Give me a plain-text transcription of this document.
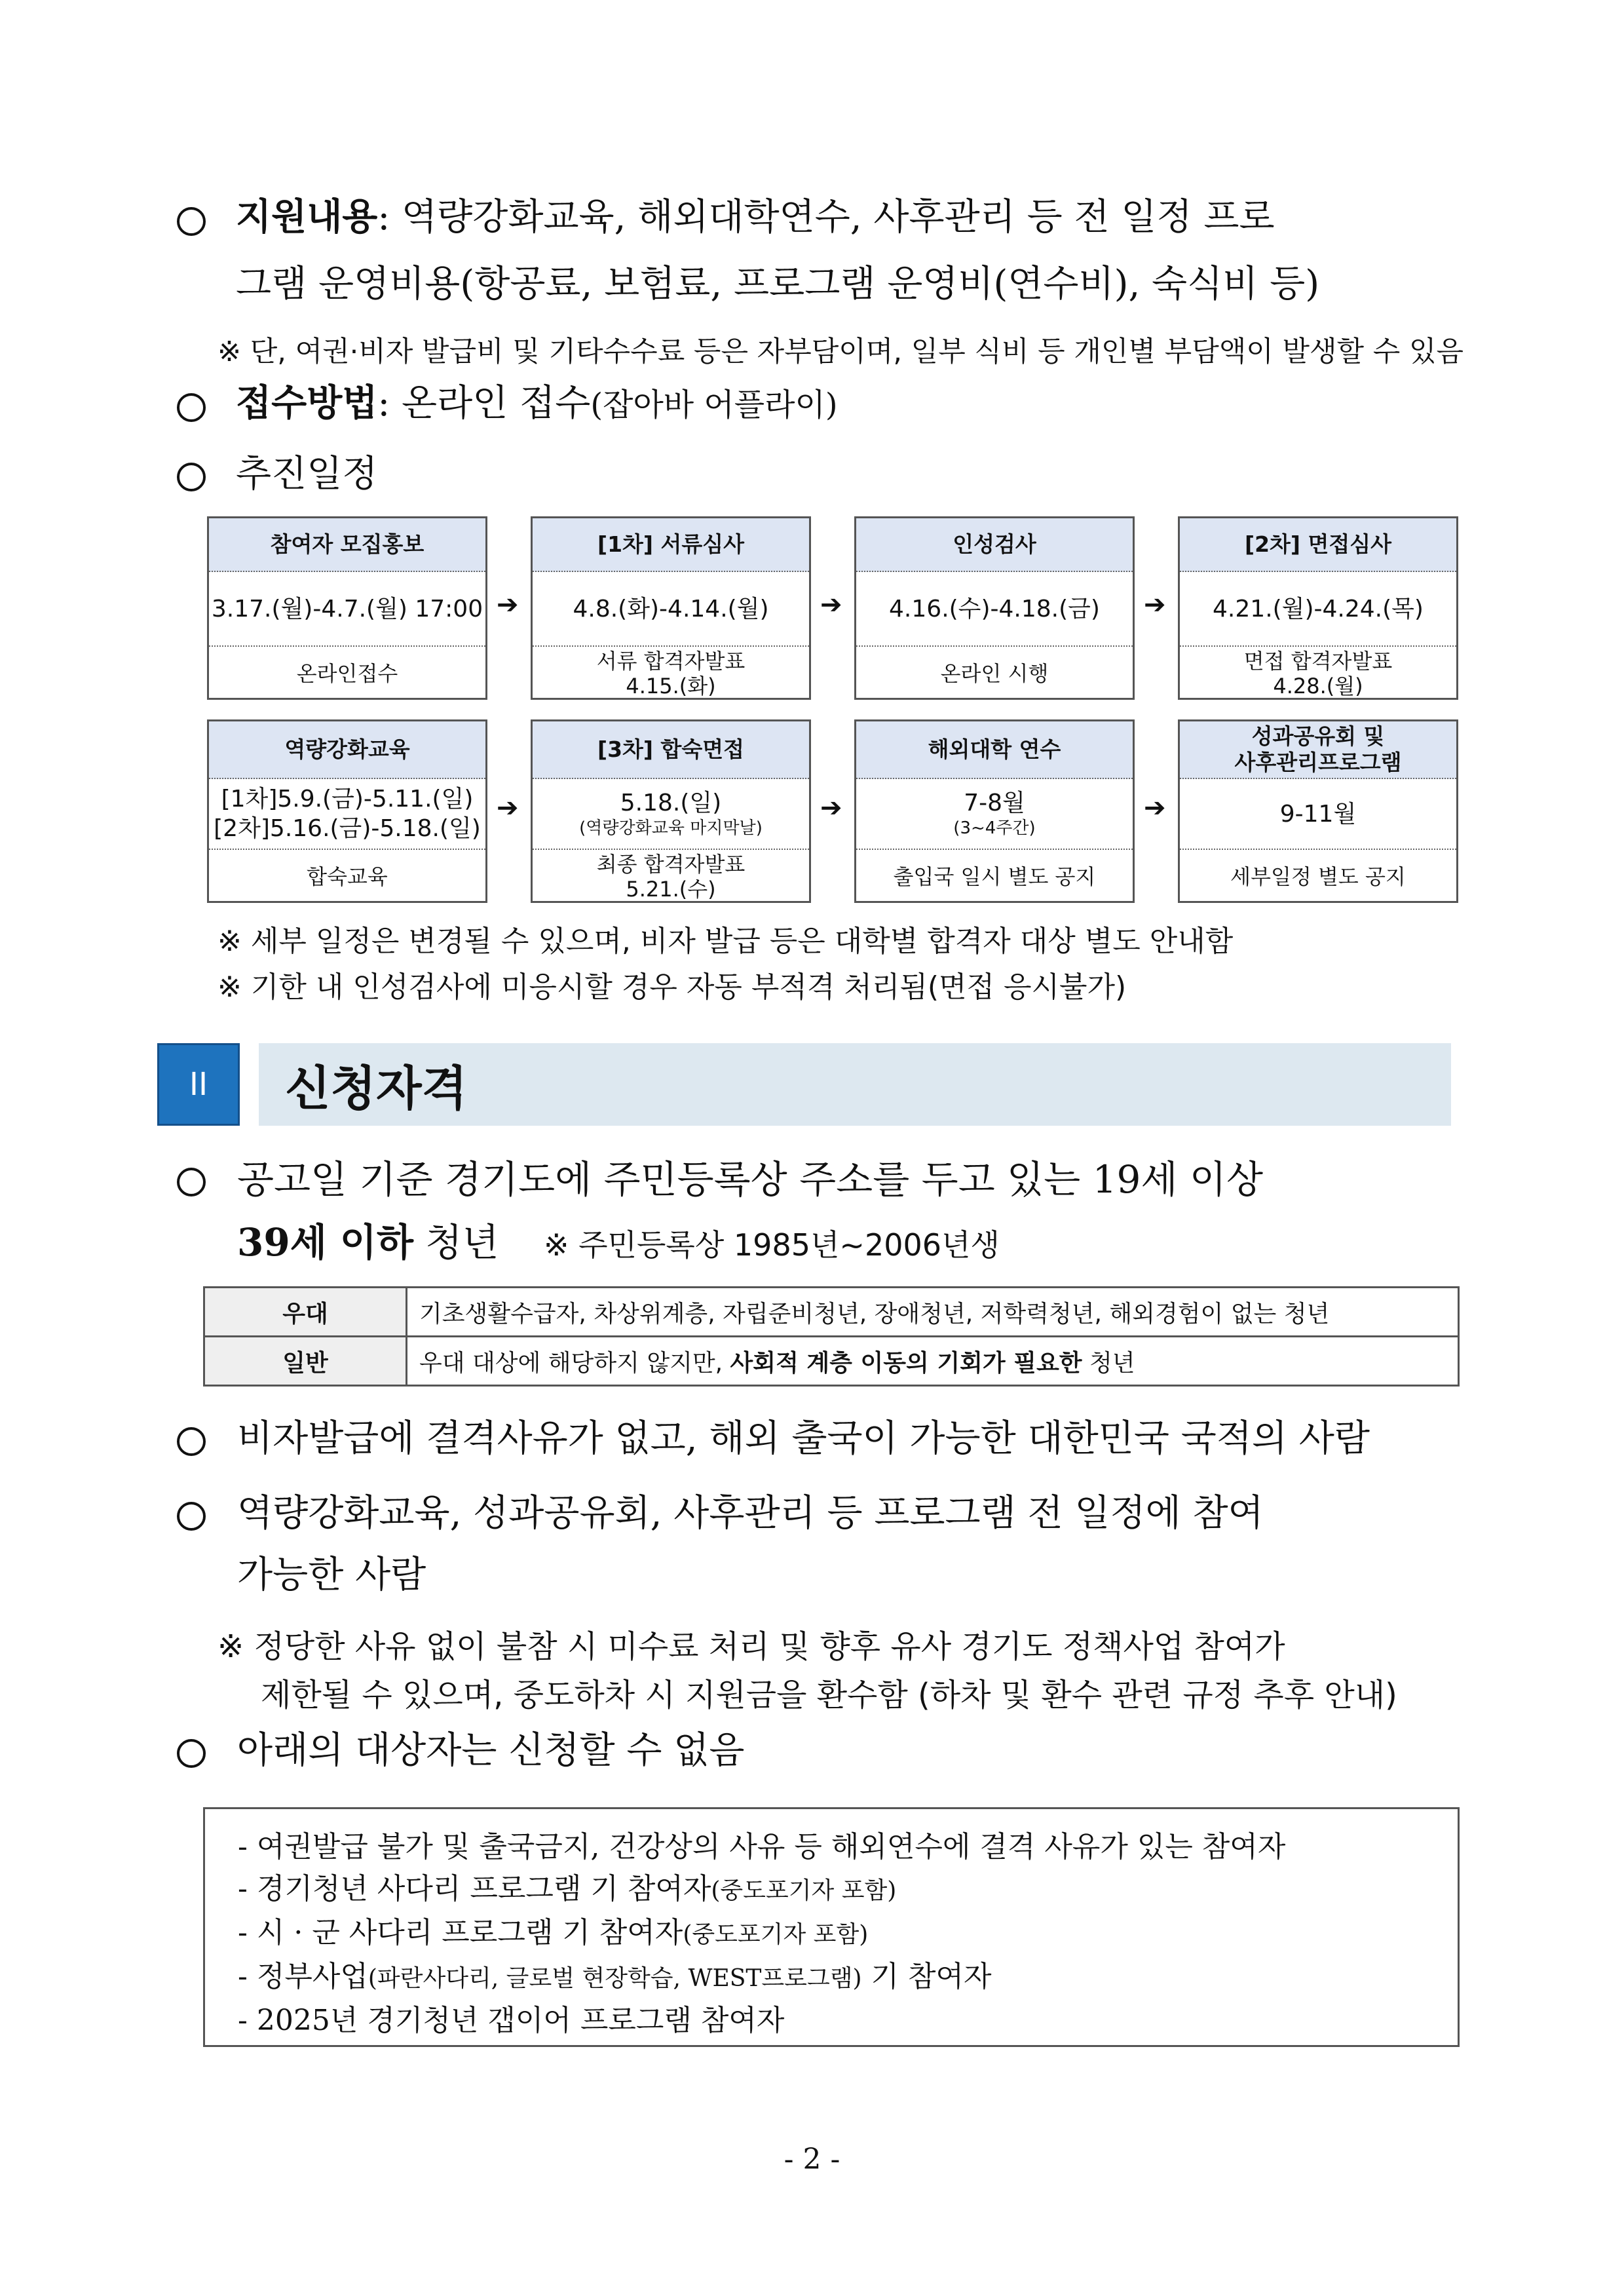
지원내용: 역량강화교육, 해외대학연수, 사후관리 등 전 일정 프로
그램 운영비용(항공료, 보험료, 프로그램 운영비(연수비), 숙식비 등)
※ 단, 여권·비자 발급비 및 기타수수료 등은 자부담이며, 일부 식비 등 개인별 부담액이 발생할 수 있음
접수방법: 온라인 접수(잡아바 어플라이)
추진일정
참여자 모집홍보
3.17.(월)-4.7.(월) 17:00
온라인접수
➔
[1차] 서류심사
4.8.(화)-4.14.(월)
서류 합격자발표
4.15.(화)
➔
인성검사
4.16.(수)-4.18.(금)
온라인 시행
➔
[2차] 면접심사
4.21.(월)-4.24.(목)
면접 합격자발표
4.28.(월)
역량강화교육
[1차]5.9.(금)-5.11.(일)
[2차]5.16.(금)-5.18.(일)
합숙교육
➔
[3차] 합숙면접
5.18.(일)
(역량강화교육 마지막날)
최종 합격자발표
5.21.(수)
➔
해외대학 연수
7-8월
(3~4주간)
출입국 일시 별도 공지
➔
성과공유회 및
사후관리프로그램
9-11월
세부일정 별도 공지
※ 세부 일정은 변경될 수 있으며, 비자 발급 등은 대학별 합격자 대상 별도 안내함
※ 기한 내 인성검사에 미응시할 경우 자동 부적격 처리됨(면접 응시불가)
II	신청자격
공고일 기준 경기도에 주민등록상 주소를 두고 있는 19세 이상
39세 이하 청년 ※ 주민등록상 1985년~2006년생
우대	기초생활수급자, 차상위계층, 자립준비청년, 장애청년, 저학력청년, 해외경험이 없는 청년
일반	우대 대상에 해당하지 않지만, 사회적 계층 이동의 기회가 필요한 청년
비자발급에 결격사유가 없고, 해외 출국이 가능한 대한민국 국적의 사람
역량강화교육, 성과공유회, 사후관리 등 프로그램 전 일정에 참여
가능한 사람
※ 정당한 사유 없이 불참 시 미수료 처리 및 향후 유사 경기도 정책사업 참여가
제한될 수 있으며, 중도하차 시 지원금을 환수함 (하차 및 환수 관련 규정 추후 안내)
아래의 대상자는 신청할 수 없음
- 여권발급 불가 및 출국금지, 건강상의 사유 등 해외연수에 결격 사유가 있는 참여자
- 경기청년 사다리 프로그램 기 참여자(중도포기자 포함)
- 시 · 군 사다리 프로그램 기 참여자(중도포기자 포함)
- 정부사업(파란사다리, 글로벌 현장학습, WEST프로그램) 기 참여자
- 2025년 경기청년 갭이어 프로그램 참여자
- 2 -
